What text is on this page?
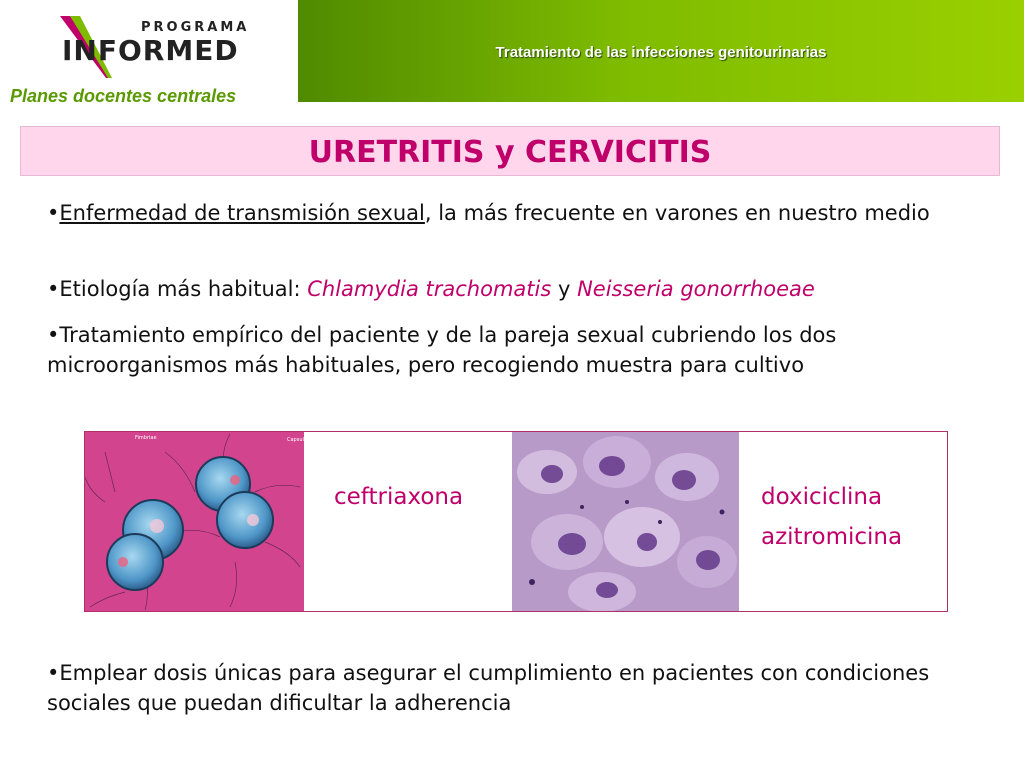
PROGRAMA
INFORMED
Planes docentes centrales
Tratamiento de las infecciones genitourinarias
URETRITIS y CERVICITIS
•Enfermedad de transmisión sexual, la más frecuente en varones en nuestro medio
•Etiología más habitual: Chlamydia trachomatis y Neisseria gonorrhoeae
•Tratamiento empírico del paciente y de la pareja sexual cubriendo los dos microorganismos más habituales, pero recogiendo muestra para cultivo
Fimbriae	Capsul
ceftriaxona	doxiciclina
azitromicina
•Emplear dosis únicas para asegurar el cumplimiento en pacientes con condiciones sociales que puedan dificultar la adherencia
